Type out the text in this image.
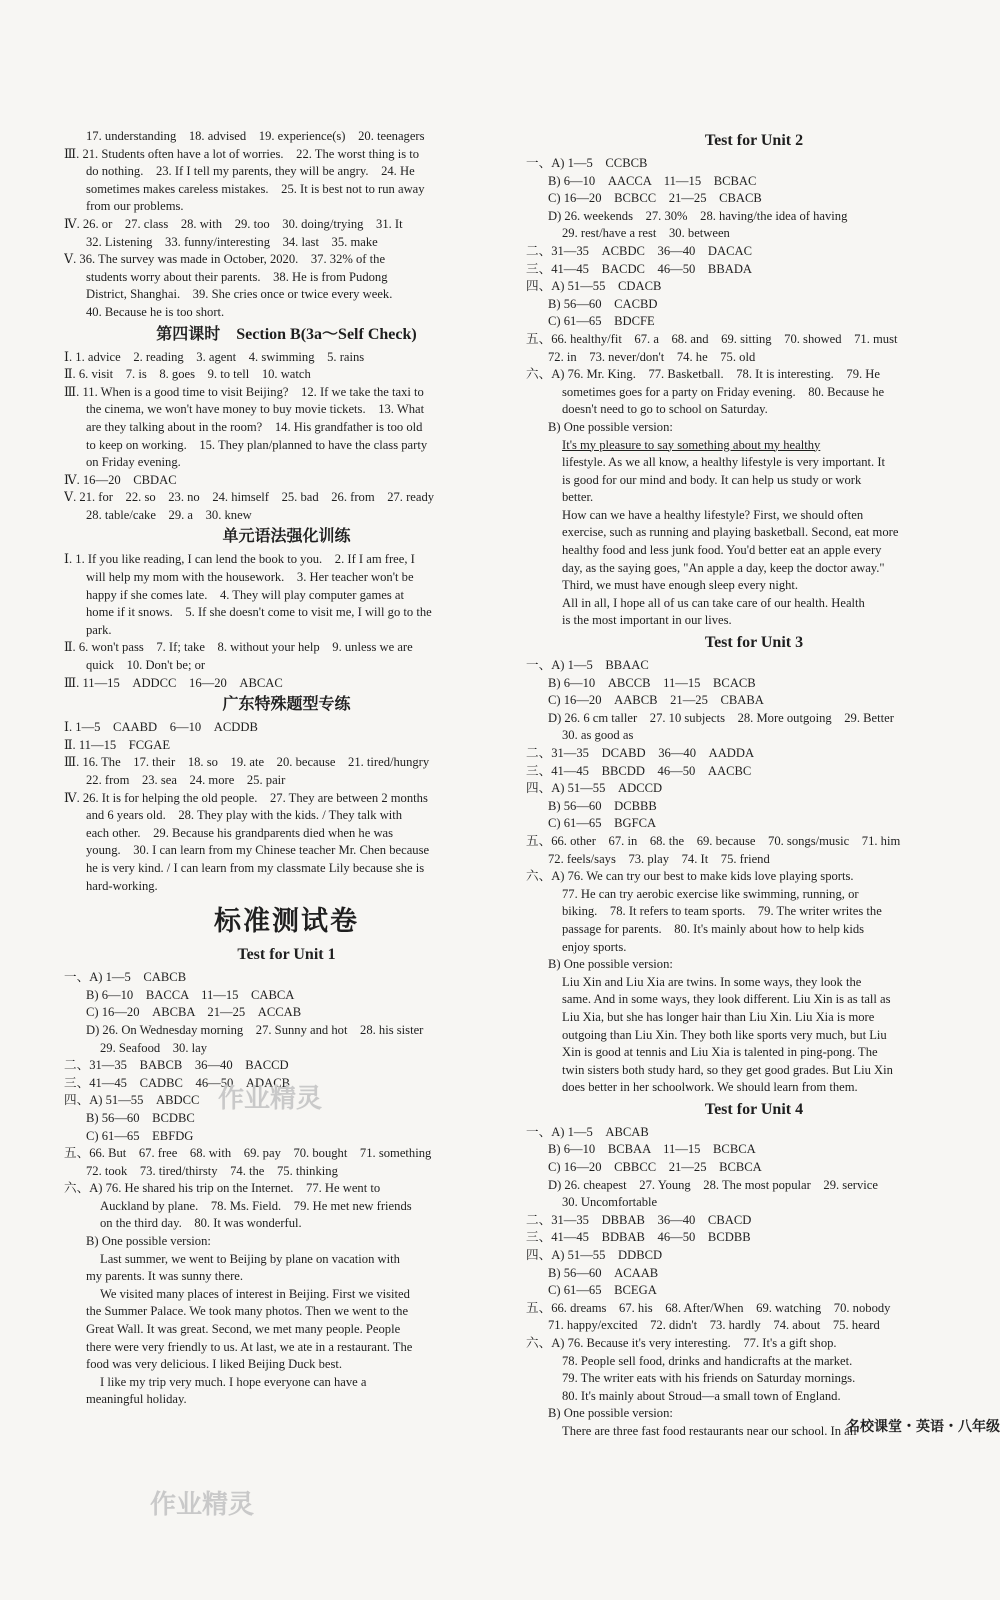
17. understanding　18. advised　19. experience(s)　20. teenagers
Ⅲ. 21. Students often have a lot of worries.　22. The worst thing is to
do nothing.　23. If I tell my parents, they will be angry.　24. He
sometimes makes careless mistakes.　25. It is best not to run away
from our problems.
Ⅳ. 26. or　27. class　28. with　29. too　30. doing/trying　31. It
32. Listening　33. funny/interesting　34. last　35. make
Ⅴ. 36. The survey was made in October, 2020.　37. 32% of the
students worry about their parents.　38. He is from Pudong
District, Shanghai.　39. She cries once or twice every week.
40. Because he is too short.
第四课时　Section B(3a～Self Check)
Ⅰ. 1. advice　2. reading　3. agent　4. swimming　5. rains
Ⅱ. 6. visit　7. is　8. goes　9. to tell　10. watch
Ⅲ. 11. When is a good time to visit Beijing?　12. If we take the taxi to
the cinema, we won't have money to buy movie tickets.　13. What
are they talking about in the room?　14. His grandfather is too old
to keep on working.　15. They plan/planned to have the class party
on Friday evening.
Ⅳ. 16—20　CBDAC
Ⅴ. 21. for　22. so　23. no　24. himself　25. bad　26. from　27. ready
28. table/cake　29. a　30. knew
单元语法强化训练
Ⅰ. 1. If you like reading, I can lend the book to you.　2. If I am free, I
will help my mom with the housework.　3. Her teacher won't be
happy if she comes late.　4. They will play computer games at
home if it snows.　5. If she doesn't come to visit me, I will go to the
park.
Ⅱ. 6. won't pass　7. If; take　8. without your help　9. unless we are
quick　10. Don't be; or
Ⅲ. 11—15　ADDCC　16—20　ABCAC
广东特殊题型专练
Ⅰ. 1—5　CAABD　6—10　ACDDB
Ⅱ. 11—15　FCGAE
Ⅲ. 16. The　17. their　18. so　19. ate　20. because　21. tired/hungry
22. from　23. sea　24. more　25. pair
Ⅳ. 26. It is for helping the old people.　27. They are between 2 months
and 6 years old.　28. They play with the kids. / They talk with
each other.　29. Because his grandparents died when he was
young.　30. I can learn from my Chinese teacher Mr. Chen because
he is very kind. / I can learn from my classmate Lily because she is
hard-working.
标准测试卷
Test for Unit 1
一、A) 1—5　CABCB
B) 6—10　BACCA　11—15　CABCA
C) 16—20　ABCBA　21—25　ACCAB
D) 26. On Wednesday morning　27. Sunny and hot　28. his sister
29. Seafood　30. lay
二、31—35　BABCB　36—40　BACCD
三、41—45　CADBC　46—50　ADACB
四、A) 51—55　ABDCC
B) 56—60　BCDBC
C) 61—65　EBFDG
五、66. But　67. free　68. with　69. pay　70. bought　71. something
72. took　73. tired/thirsty　74. the　75. thinking
六、A) 76. He shared his trip on the Internet.　77. He went to
Auckland by plane.　78. Ms. Field.　79. He met new friends
on the third day.　80. It was wonderful.
B) One possible version:
Last summer, we went to Beijing by plane on vacation with
my parents. It was sunny there.
We visited many places of interest in Beijing. First we visited
the Summer Palace. We took many photos. Then we went to the
Great Wall. It was great. Second, we met many people. People
there were very friendly to us. At last, we ate in a restaurant. The
food was very delicious. I liked Beijing Duck best.
I like my trip very much. I hope everyone can have a
meaningful holiday.
Test for Unit 2
一、A) 1—5　CCBCB
B) 6—10　AACCA　11—15　BCBAC
C) 16—20　BCBCC　21—25　CBACB
D) 26. weekends　27. 30%　28. having/the idea of having
29. rest/have a rest　30. between
二、31—35　ACBDC　36—40　DACAC
三、41—45　BACDC　46—50　BBADA
四、A) 51—55　CDACB
B) 56—60　CACBD
C) 61—65　BDCFE
五、66. healthy/fit　67. a　68. and　69. sitting　70. showed　71. must
72. in　73. never/don't　74. he　75. old
六、A) 76. Mr. King.　77. Basketball.　78. It is interesting.　79. He
sometimes goes for a party on Friday evening.　80. Because he
doesn't need to go to school on Saturday.
B) One possible version:
It's my pleasure to say something about my healthy
lifestyle. As we all know, a healthy lifestyle is very important. It
is good for our mind and body. It can help us study or work
better.
How can we have a healthy lifestyle? First, we should often
exercise, such as running and playing basketball. Second, eat more
healthy food and less junk food. You'd better eat an apple every
day, as the saying goes, "An apple a day, keep the doctor away."
Third, we must have enough sleep every night.
All in all, I hope all of us can take care of our health. Health
is the most important in our lives.
Test for Unit 3
一、A) 1—5　BBAAC
B) 6—10　ABCCB　11—15　BCACB
C) 16—20　AABCB　21—25　CBABA
D) 26. 6 cm taller　27. 10 subjects　28. More outgoing　29. Better
30. as good as
二、31—35　DCABD　36—40　AADDA
三、41—45　BBCDD　46—50　AACBC
四、A) 51—55　ADCCD
B) 56—60　DCBBB
C) 61—65　BGFCA
五、66. other　67. in　68. the　69. because　70. songs/music　71. him
72. feels/says　73. play　74. It　75. friend
六、A) 76. We can try our best to make kids love playing sports.
77. He can try aerobic exercise like swimming, running, or
biking.　78. It refers to team sports.　79. The writer writes the
passage for parents.　80. It's mainly about how to help kids
enjoy sports.
B) One possible version:
Liu Xin and Liu Xia are twins. In some ways, they look the
same. And in some ways, they look different. Liu Xin is as tall as
Liu Xia, but she has longer hair than Liu Xin. Liu Xia is more
outgoing than Liu Xin. They both like sports very much, but Liu
Xin is good at tennis and Liu Xia is talented in ping-pong. The
twin sisters both study hard, so they get good grades. But Liu Xin
does better in her schoolwork. We should learn from them.
Test for Unit 4
一、A) 1—5　ABCAB
B) 6—10　BCBAA　11—15　BCBCA
C) 16—20　CBBCC　21—25　BCBCA
D) 26. cheapest　27. Young　28. The most popular　29. service
30. Uncomfortable
二、31—35　DBBAB　36—40　CBACD
三、41—45　BDBAB　46—50　BCDBB
四、A) 51—55　DDBCD
B) 56—60　ACAAB
C) 61—65　BCEGA
五、66. dreams　67. his　68. After/When　69. watching　70. nobody
71. happy/excited　72. didn't　73. hardly　74. about　75. heard
六、A) 76. Because it's very interesting.　77. It's a gift shop.
78. People sell food, drinks and handicrafts at the market.
79. The writer eats with his friends on Saturday mornings.
80. It's mainly about Stroud—a small town of England.
B) One possible version:
There are three fast food restaurants near our school. In all
名校课堂・英语・八年级
作业精灵
作业精灵
